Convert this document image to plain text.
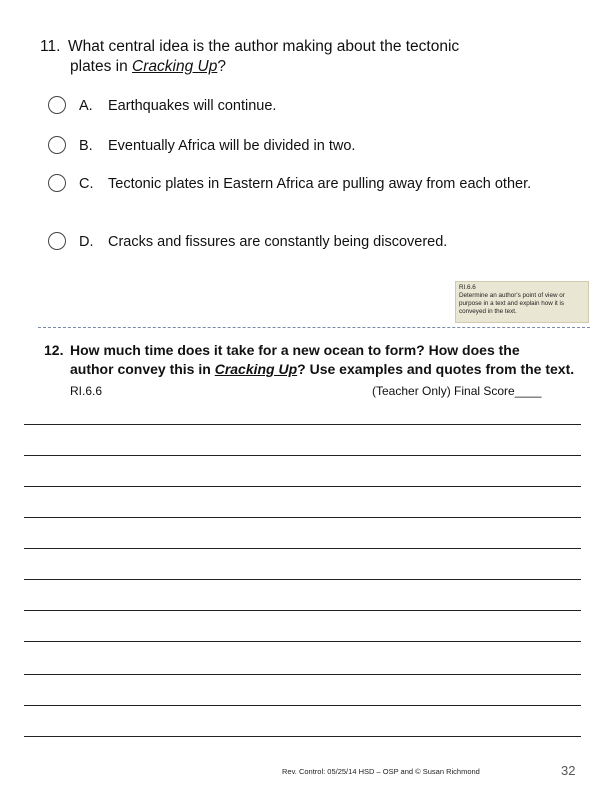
11. What central idea is the author making about the tectonic
plates in Cracking Up?
A. Earthquakes will continue.
B. Eventually Africa will be divided in two.
C. Tectonic plates in Eastern Africa are pulling away from each other.
D. Cracks and fissures are constantly being discovered.
RI.6.6
Determine an author's point of view or purpose in a text and explain how it is conveyed in the text.
12. How much time does it take for a new ocean to form? How does the
author convey this in Cracking Up? Use examples and quotes from the text.
RI.6.6	(Teacher Only) Final Score____
Rev. Control: 05/25/14 HSD – OSP and © Susan Richmond	32
